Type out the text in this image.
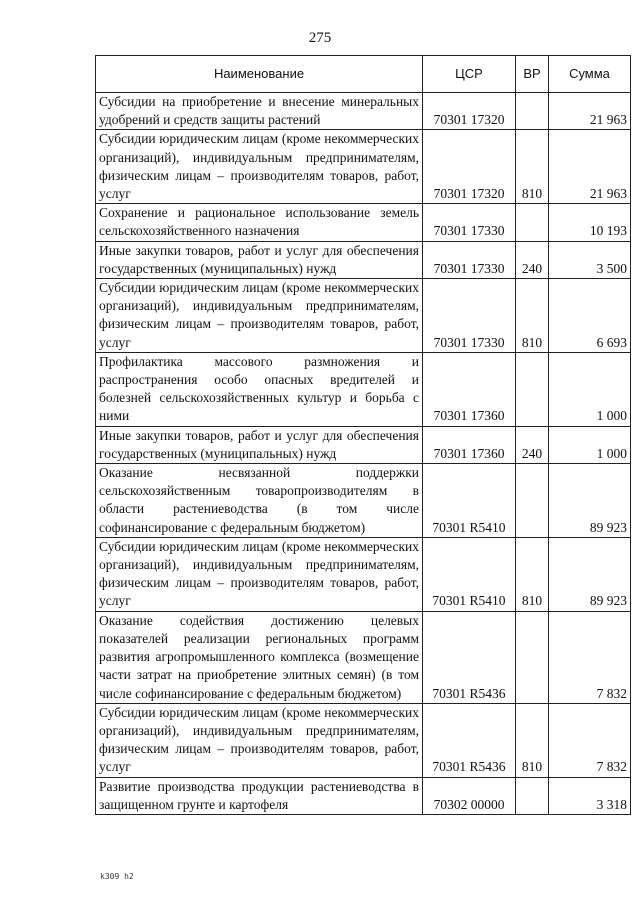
275
Наименование	ЦСР	ВР	Сумма
Субсидии на приобретение и внесение минеральных удобрений и средств защиты растений	70301 17320		21 963
Субсидии юридическим лицам (кроме некоммерческих организаций), индивидуальным предпринимателям, физическим лицам – производителям товаров, работ, услуг	70301 17320	810	21 963
Сохранение и рациональное использование земель сельскохозяйственного назначения	70301 17330		10 193
Иные закупки товаров, работ и услуг для обеспечения государственных (муниципальных) нужд	70301 17330	240	3 500
Субсидии юридическим лицам (кроме некоммерческих организаций), индивидуальным предпринимателям, физическим лицам – производителям товаров, работ, услуг	70301 17330	810	6 693
Профилактика массового размножения и распространения особо опасных вредителей и болезней сельскохозяйственных культур и борьба с ними	70301 17360		1 000
Иные закупки товаров, работ и услуг для обеспечения государственных (муниципальных) нужд	70301 17360	240	1 000
Оказание несвязанной поддержки сельскохозяйственным товаропроизводителям в области растениеводства (в том числе софинансирование с федеральным бюджетом)	70301 R5410		89 923
Субсидии юридическим лицам (кроме некоммерческих организаций), индивидуальным предпринимателям, физическим лицам – производителям товаров, работ, услуг	70301 R5410	810	89 923
Оказание содействия достижению целевых показателей реализации региональных программ развития агропромышленного комплекса (возмещение части затрат на приобретение элитных семян) (в том числе софинансирование с федеральным бюджетом)	70301 R5436		7 832
Субсидии юридическим лицам (кроме некоммерческих организаций), индивидуальным предпринимателям, физическим лицам – производителям товаров, работ, услуг	70301 R5436	810	7 832
Развитие производства продукции растениеводства в защищенном грунте и картофеля	70302 00000		3 318
k309 h2
